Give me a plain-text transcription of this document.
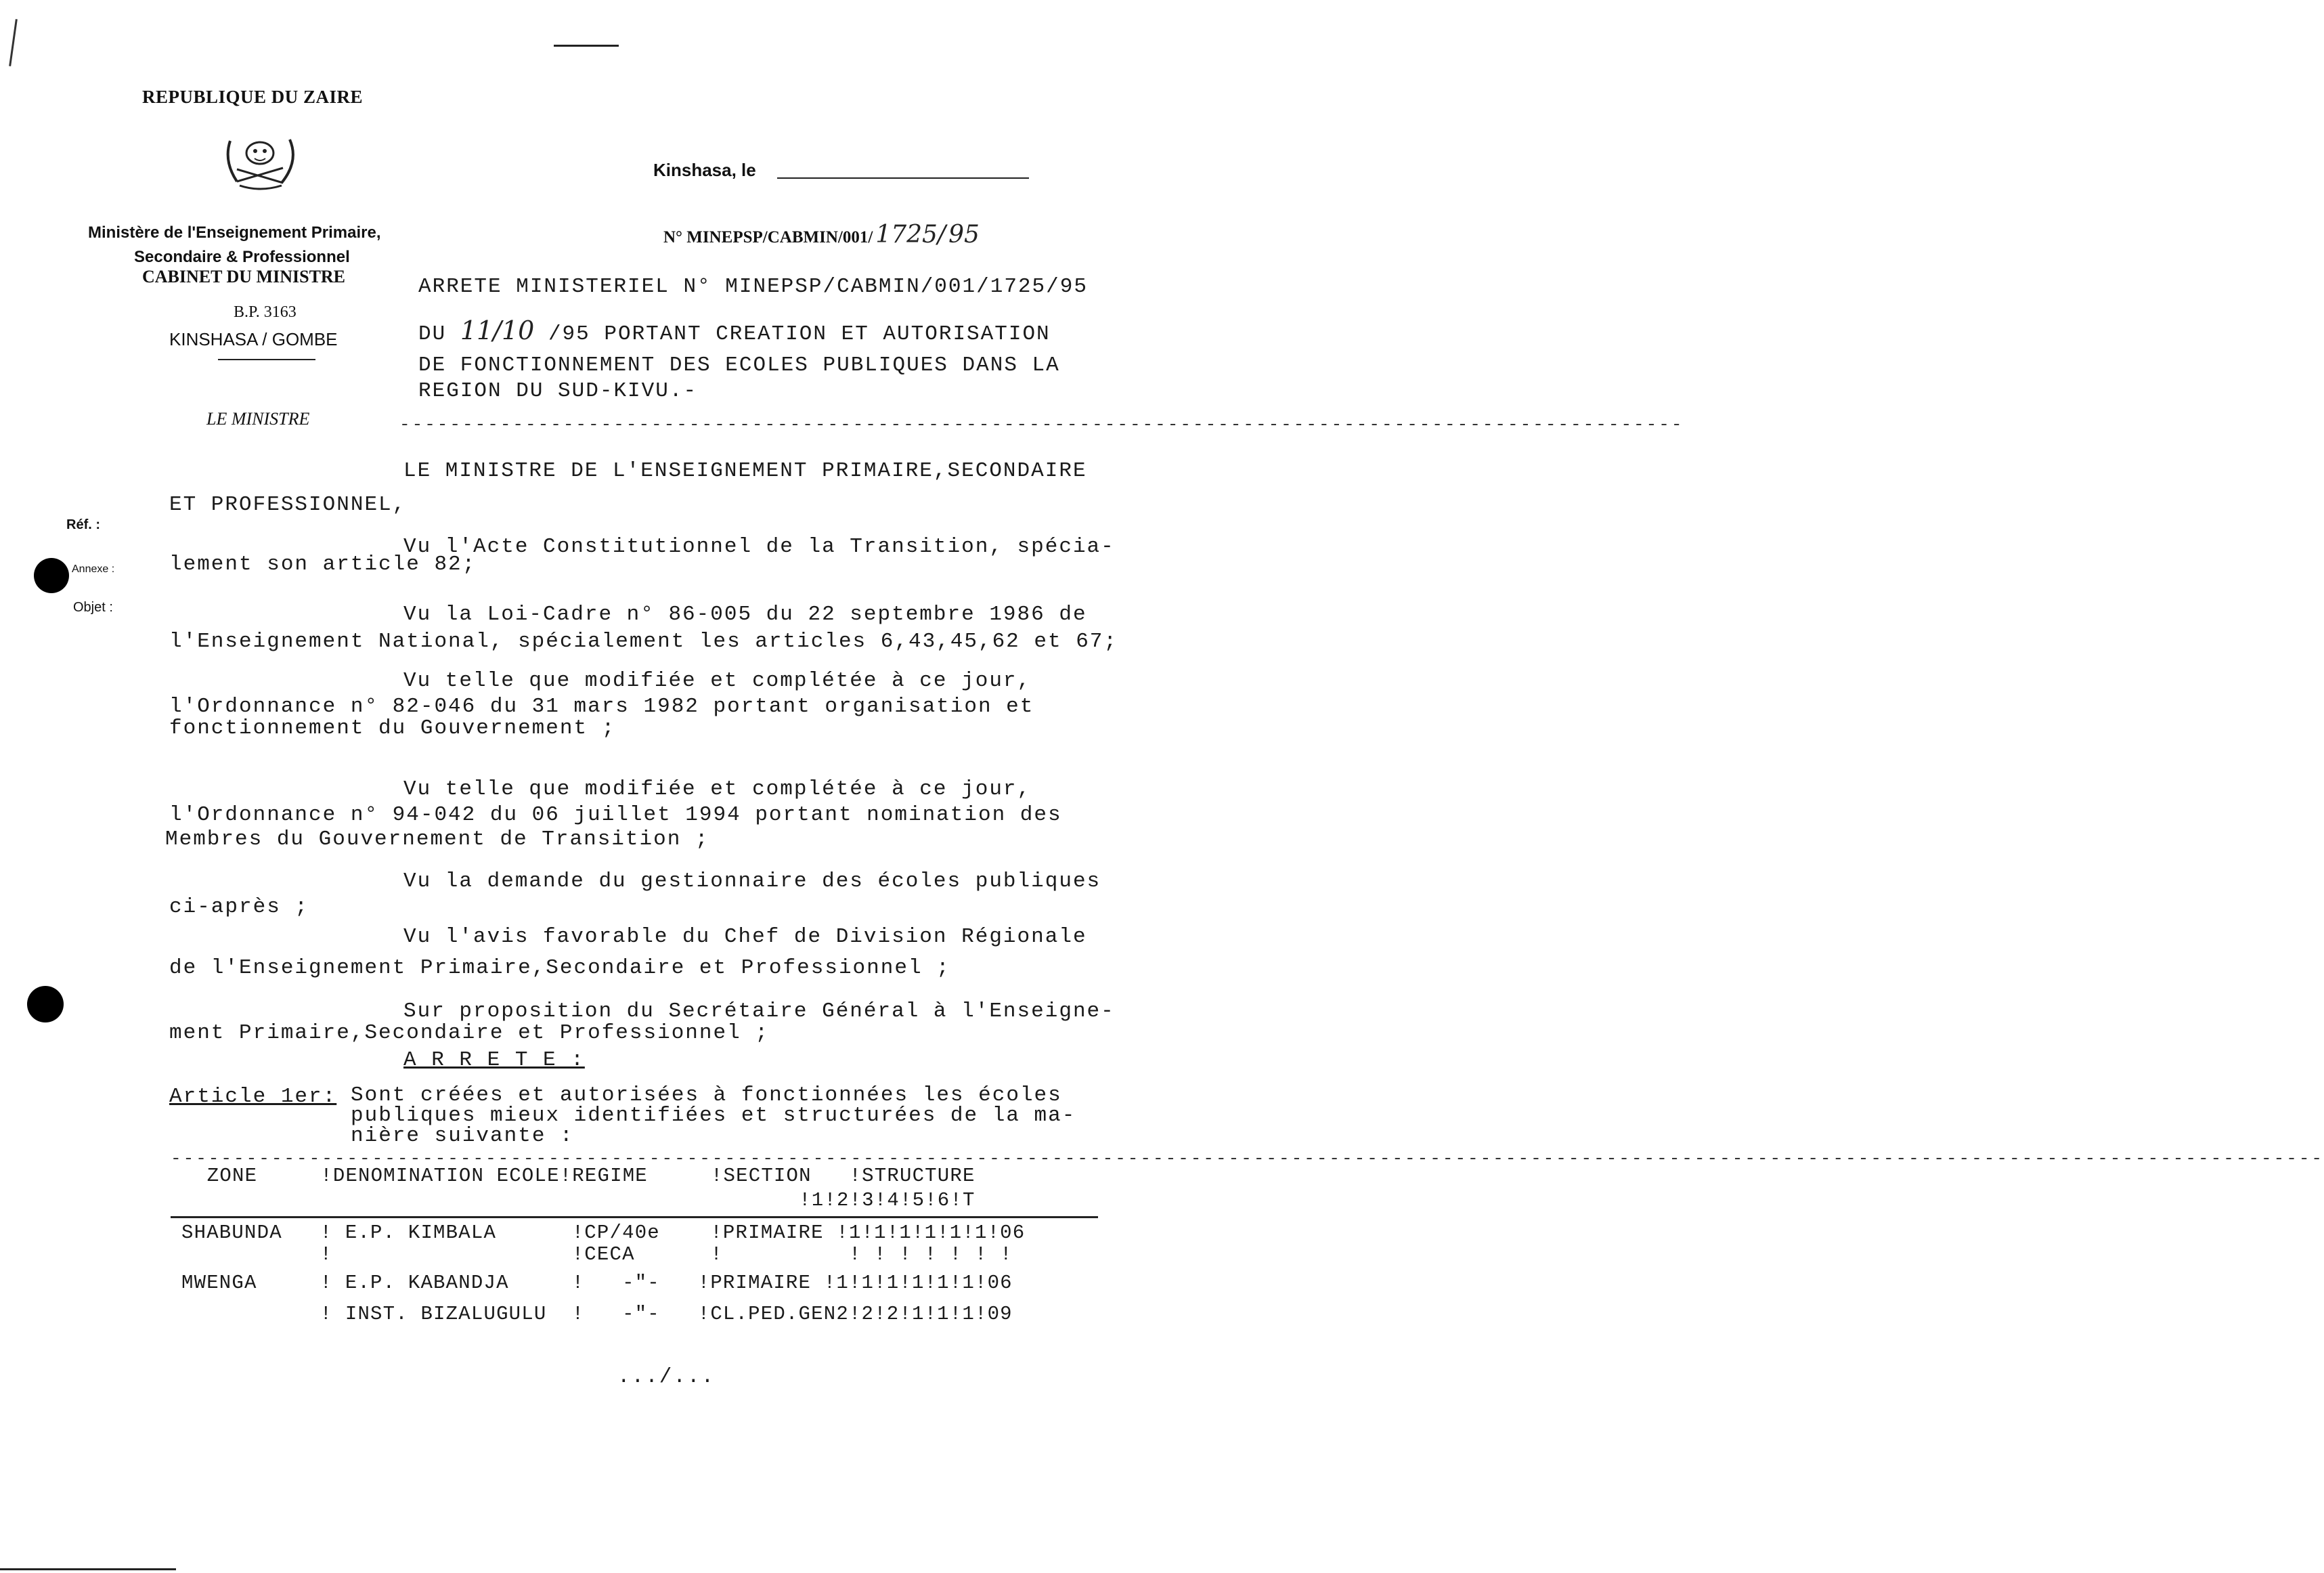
REPUBLIQUE DU ZAIRE
Ministère de l'Enseignement Primaire,
Secondaire & Professionnel
CABINET DU MINISTRE
B.P. 3163
KINSHASA / GOMBE
LE MINISTRE
Kinshasa, le
N° MINEPSP/CABMIN/001/ 1725/ 95
Réf. :
Annexe :
Objet :
ARRETE MINISTERIEL N° MINEPSP/CABMIN/001/1725/95
DU 11/10 /95 PORTANT CREATION ET AUTORISATION
DE FONCTIONNEMENT DES ECOLES PUBLIQUES DANS LA
REGION DU SUD-KIVU.-
------------------------------------------------------------------------------------------------------
LE MINISTRE DE L'ENSEIGNEMENT PRIMAIRE,SECONDAIRE
ET PROFESSIONNEL,
Vu l'Acte Constitutionnel de la Transition, spécia-
lement son article 82;
Vu la Loi-Cadre n° 86-005 du 22 septembre 1986 de
l'Enseignement National, spécialement les articles 6,43,45,62 et 67;
Vu telle que modifiée et complétée à ce jour,
l'Ordonnance n° 82-046 du 31 mars 1982 portant organisation et
fonctionnement du Gouvernement ;
Vu telle que modifiée et complétée à ce jour,
l'Ordonnance n° 94-042 du 06 juillet 1994 portant nomination des
Membres du Gouvernement de Transition ;
Vu la demande du gestionnaire des écoles publiques
ci-après ;
Vu l'avis favorable du Chef de Division Régionale
de l'Enseignement Primaire,Secondaire et Professionnel ;
Sur proposition du Secrétaire Général à l'Enseigne-
ment Primaire,Secondaire et Professionnel ;
A R R E T E :
Article 1er: Sont créées et autorisées à fonctionnées les écoles
publiques mieux identifiées et structurées de la ma-
nière suivante :
---------------------------------------------------------------------------------------------------------------------------------------------------------------------------
ZONE     !DENOMINATION ECOLE!REGIME     !SECTION   !STRUCTURE
!1!2!3!4!5!6!T
SHABUNDA   ! E.P. KIMBALA      !CP/40e    !PRIMAIRE !1!1!1!1!1!1!06
!                   !CECA      !          ! ! ! ! ! ! !
MWENGA     ! E.P. KABANDJA     !   -"-   !PRIMAIRE !1!1!1!1!1!1!06
! INST. BIZALUGULU  !   -"-   !CL.PED.GEN2!2!2!1!1!1!09
.../...
